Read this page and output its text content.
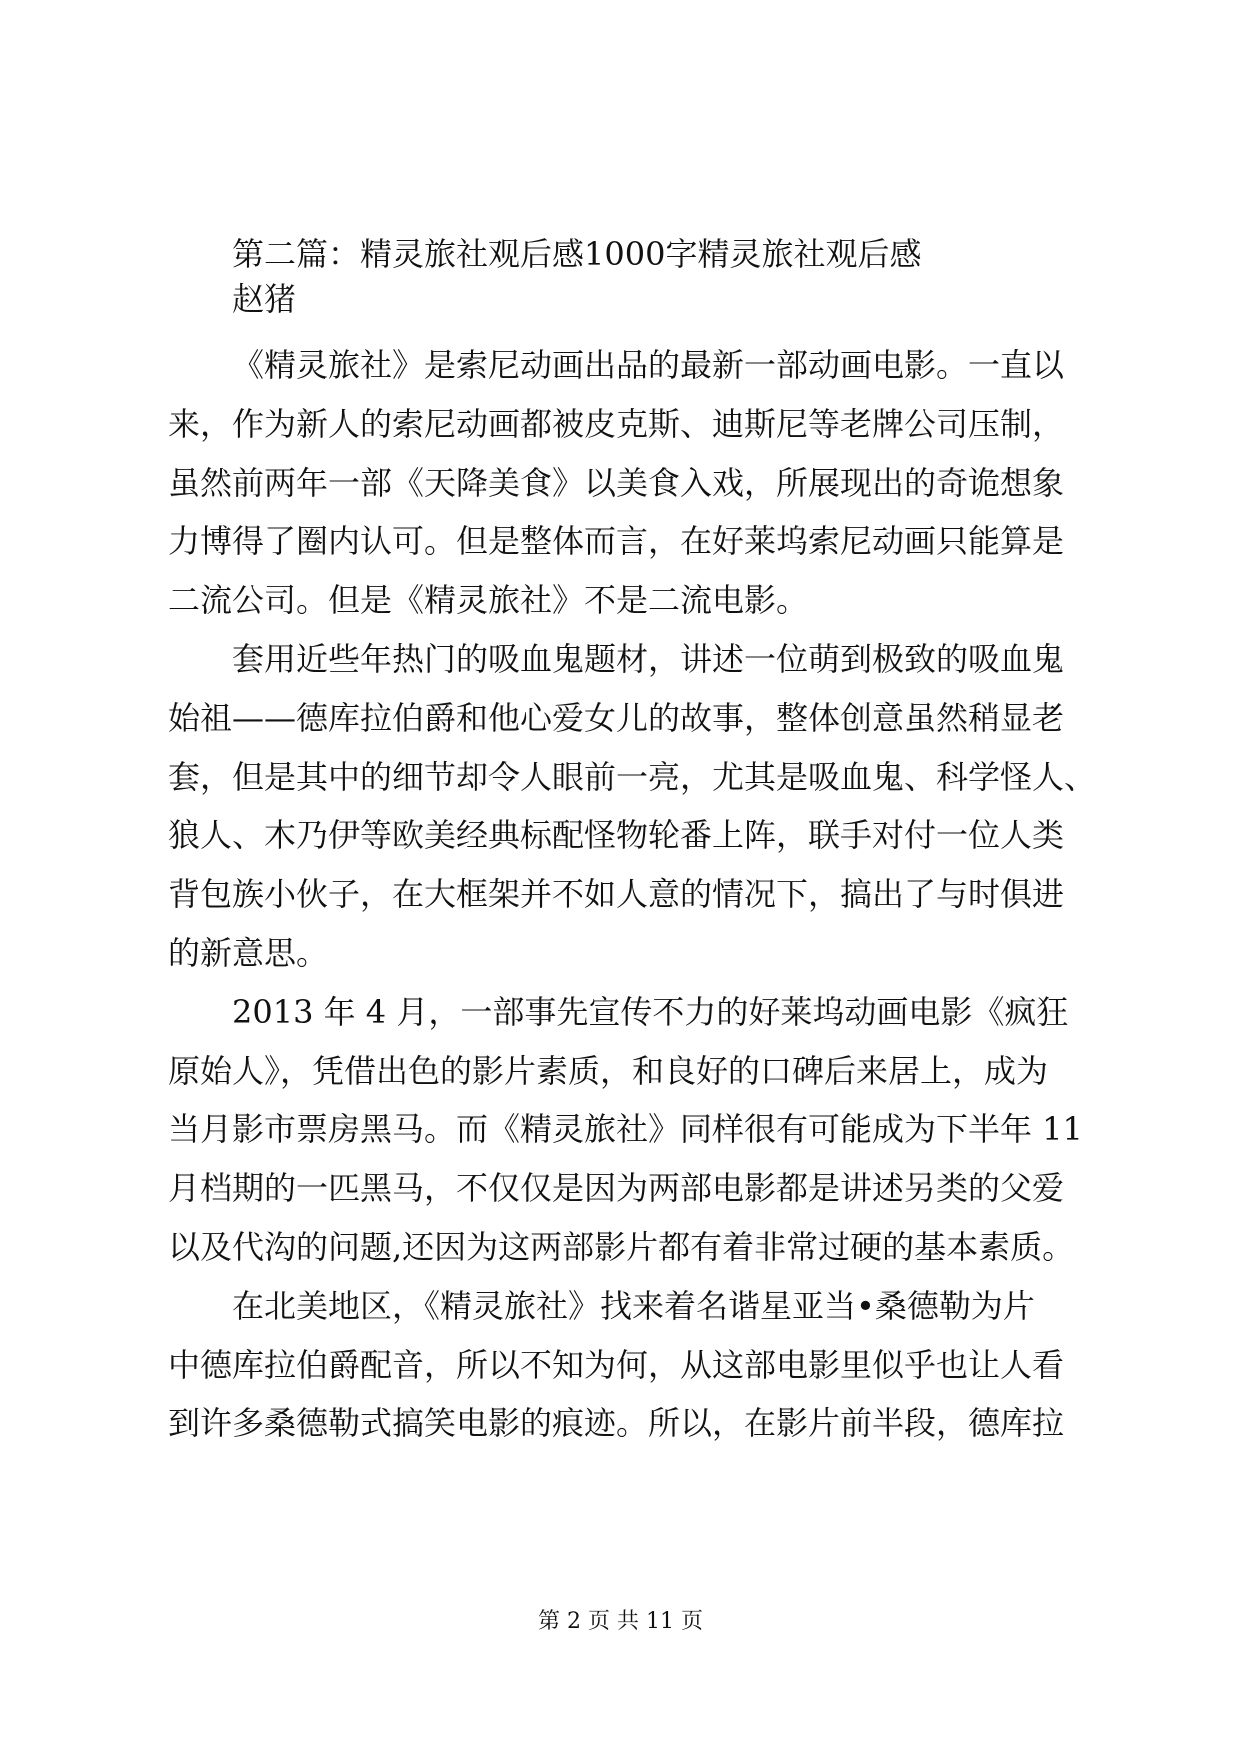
第二篇：精灵旅社观后感1000字精灵旅社观后感
赵猪
《精灵旅社》是索尼动画出品的最新一部动画电影。一直以
来，作为新人的索尼动画都被皮克斯、迪斯尼等老牌公司压制，
虽然前两年一部《天降美食》以美食入戏，所展现出的奇诡想象
力博得了圈内认可。但是整体而言，在好莱坞索尼动画只能算是
二流公司。但是《精灵旅社》不是二流电影。
套用近些年热门的吸血鬼题材，讲述一位萌到极致的吸血鬼
始祖——德库拉伯爵和他心爱女儿的故事，整体创意虽然稍显老
套，但是其中的细节却令人眼前一亮，尤其是吸血鬼、科学怪人、
狼人、木乃伊等欧美经典标配怪物轮番上阵，联手对付一位人类
背包族小伙子，在大框架并不如人意的情况下，搞出了与时俱进
的新意思。
2013 年 4 月，一部事先宣传不力的好莱坞动画电影《疯狂
原始人》，凭借出色的影片素质，和良好的口碑后来居上，成为
当月影市票房黑马。而《精灵旅社》同样很有可能成为下半年 11
月档期的一匹黑马，不仅仅是因为两部电影都是讲述另类的父爱
以及代沟的问题,还因为这两部影片都有着非常过硬的基本素质。
在北美地区，《精灵旅社》找来着名谐星亚当•桑德勒为片
中德库拉伯爵配音，所以不知为何，从这部电影里似乎也让人看
到许多桑德勒式搞笑电影的痕迹。所以，在影片前半段，德库拉
第 2 页 共 11 页
